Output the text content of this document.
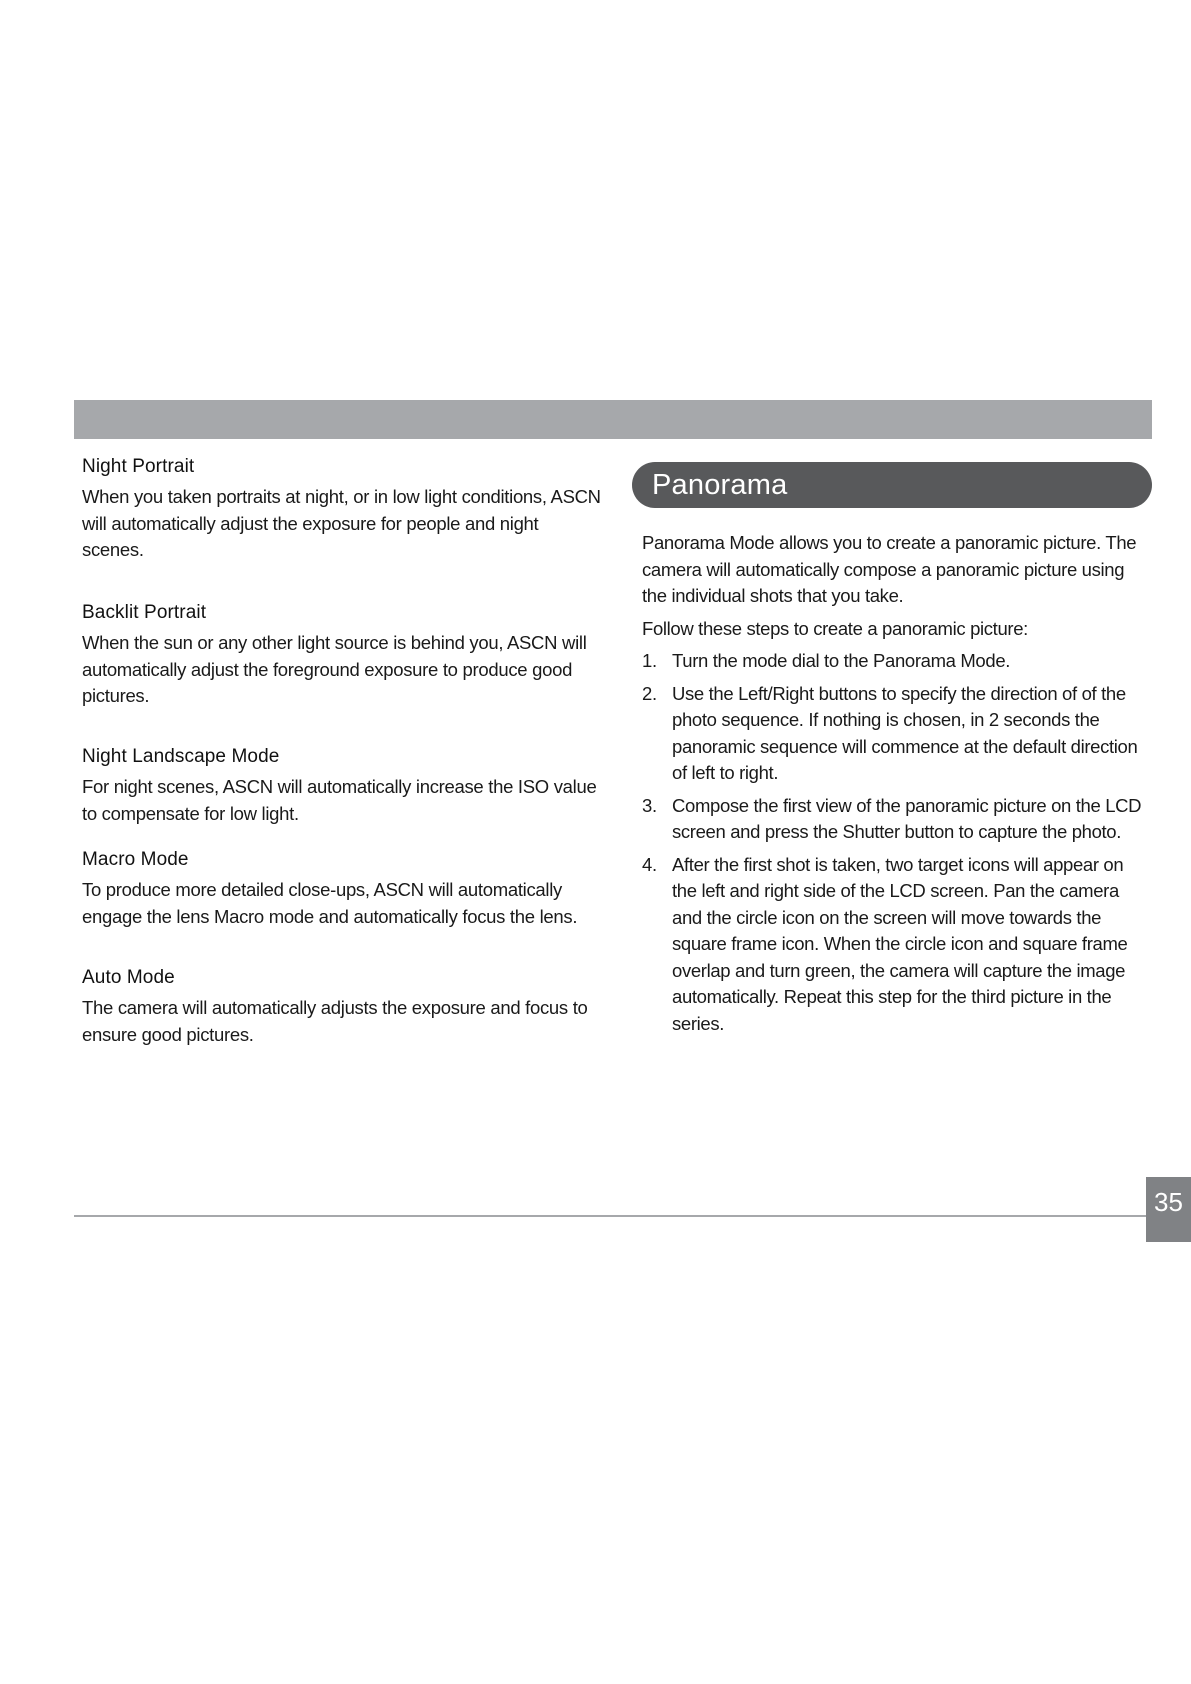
Night Portrait

When you taken portraits at night, or in low light conditions, ASCN will automatically adjust the exposure for people and night scenes.

Backlit Portrait

When the sun or any other light source is behind you, ASCN will automatically adjust the foreground exposure to produce good pictures.

Night Landscape Mode

For night scenes, ASCN will automatically increase the ISO value to compensate for low light.

Macro Mode

To produce more detailed close-ups, ASCN will automatically engage the lens Macro mode and automatically focus the lens.

Auto Mode

The camera will automatically adjusts the exposure and focus to ensure good pictures.

Panorama

Panorama Mode allows you to create a panoramic picture. The camera will automatically compose a panoramic picture using the individual shots that you take.

Follow these steps to create a panoramic picture:

1. Turn the mode dial to the Panorama Mode.
2. Use the Left/Right buttons to specify the direction of of the photo sequence. If nothing is chosen, in 2 seconds the panoramic sequence will commence at the default direction of left to right.
3. Compose the first view of the panoramic picture on the LCD screen and press the Shutter button to capture the photo.
4. After the first shot is taken, two target icons will appear on the left and right side of the LCD screen. Pan the camera and the circle icon on the screen will move towards the square frame icon. When the circle icon and square frame overlap and turn green, the camera will capture the image automatically. Repeat this step for the third picture in the series.
35
